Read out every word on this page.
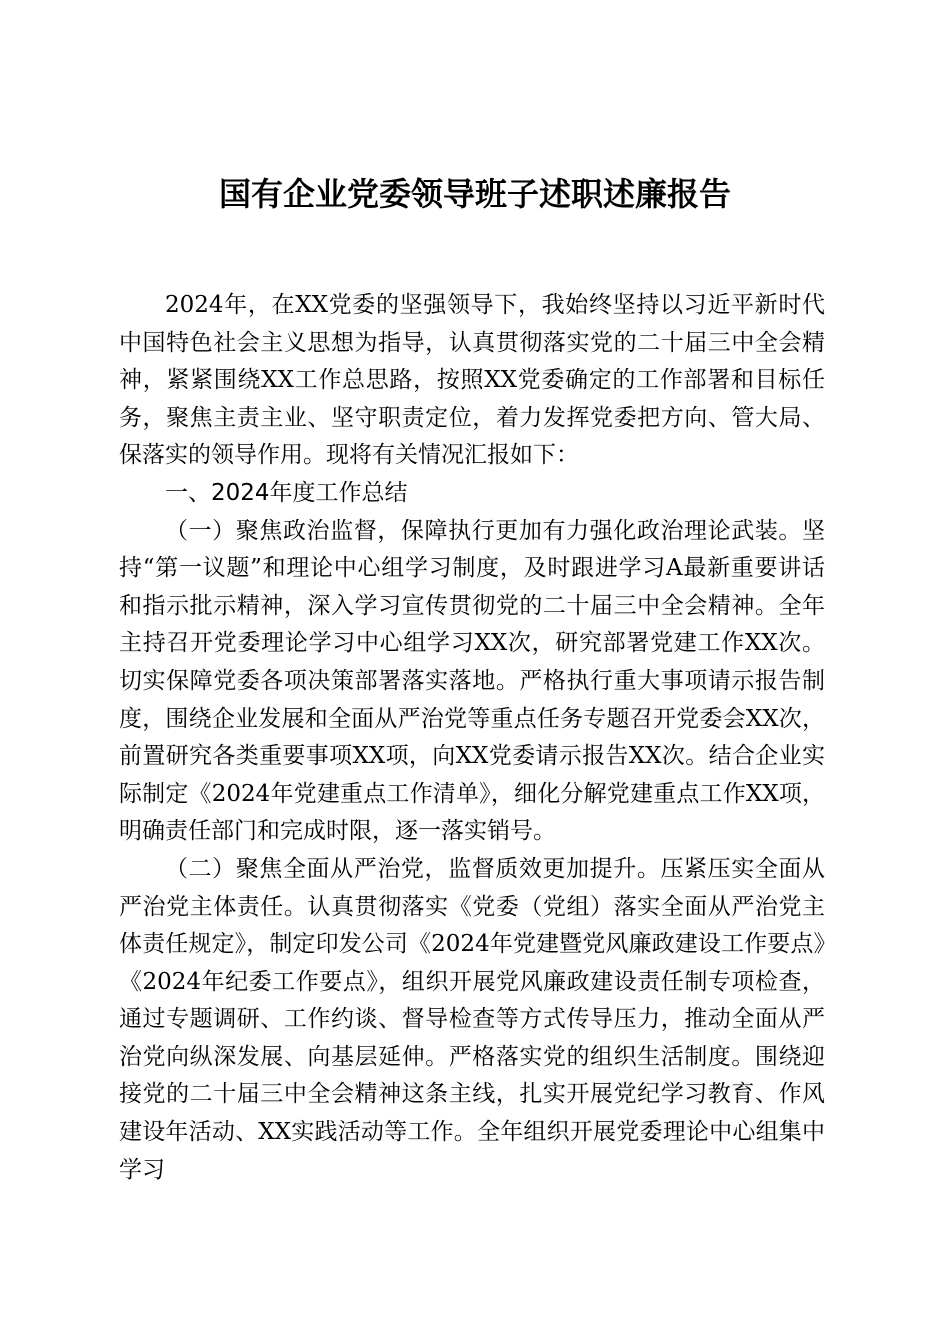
国有企业党委领导班子述职述廉报告

2024年，在XX党委的坚强领导下，我始终坚持以习近平新时代中国特色社会主义思想为指导，认真贯彻落实党的二十届三中全会精神，紧紧围绕XX工作总思路，按照XX党委确定的工作部署和目标任务，聚焦主责主业、坚守职责定位，着力发挥党委把方向、管大局、保落实的领导作用。现将有关情况汇报如下：

一、2024年度工作总结

（一）聚焦政治监督，保障执行更加有力强化政治理论武装。坚持“第一议题”和理论中心组学习制度，及时跟进学习A最新重要讲话和指示批示精神，深入学习宣传贯彻党的二十届三中全会精神。全年主持召开党委理论学习中心组学习XX次，研究部署党建工作XX次。切实保障党委各项决策部署落实落地。严格执行重大事项请示报告制度，围绕企业发展和全面从严治党等重点任务专题召开党委会XX次，前置研究各类重要事项XX项，向XX党委请示报告XX次。结合企业实际制定《2024年党建重点工作清单》，细化分解党建重点工作XX项，明确责任部门和完成时限，逐一落实销号。

（二）聚焦全面从严治党，监督质效更加提升。压紧压实全面从严治党主体责任。认真贯彻落实《党委（党组）落实全面从严治党主体责任规定》，制定印发公司《2024年党建暨党风廉政建设工作要点》《2024年纪委工作要点》，组织开展党风廉政建设责任制专项检查，通过专题调研、工作约谈、督导检查等方式传导压力，推动全面从严治党向纵深发展、向基层延伸。严格落实党的组织生活制度。围绕迎接党的二十届三中全会精神这条主线，扎实开展党纪学习教育、作风建设年活动、XX实践活动等工作。全年组织开展党委理论中心组集中学习
